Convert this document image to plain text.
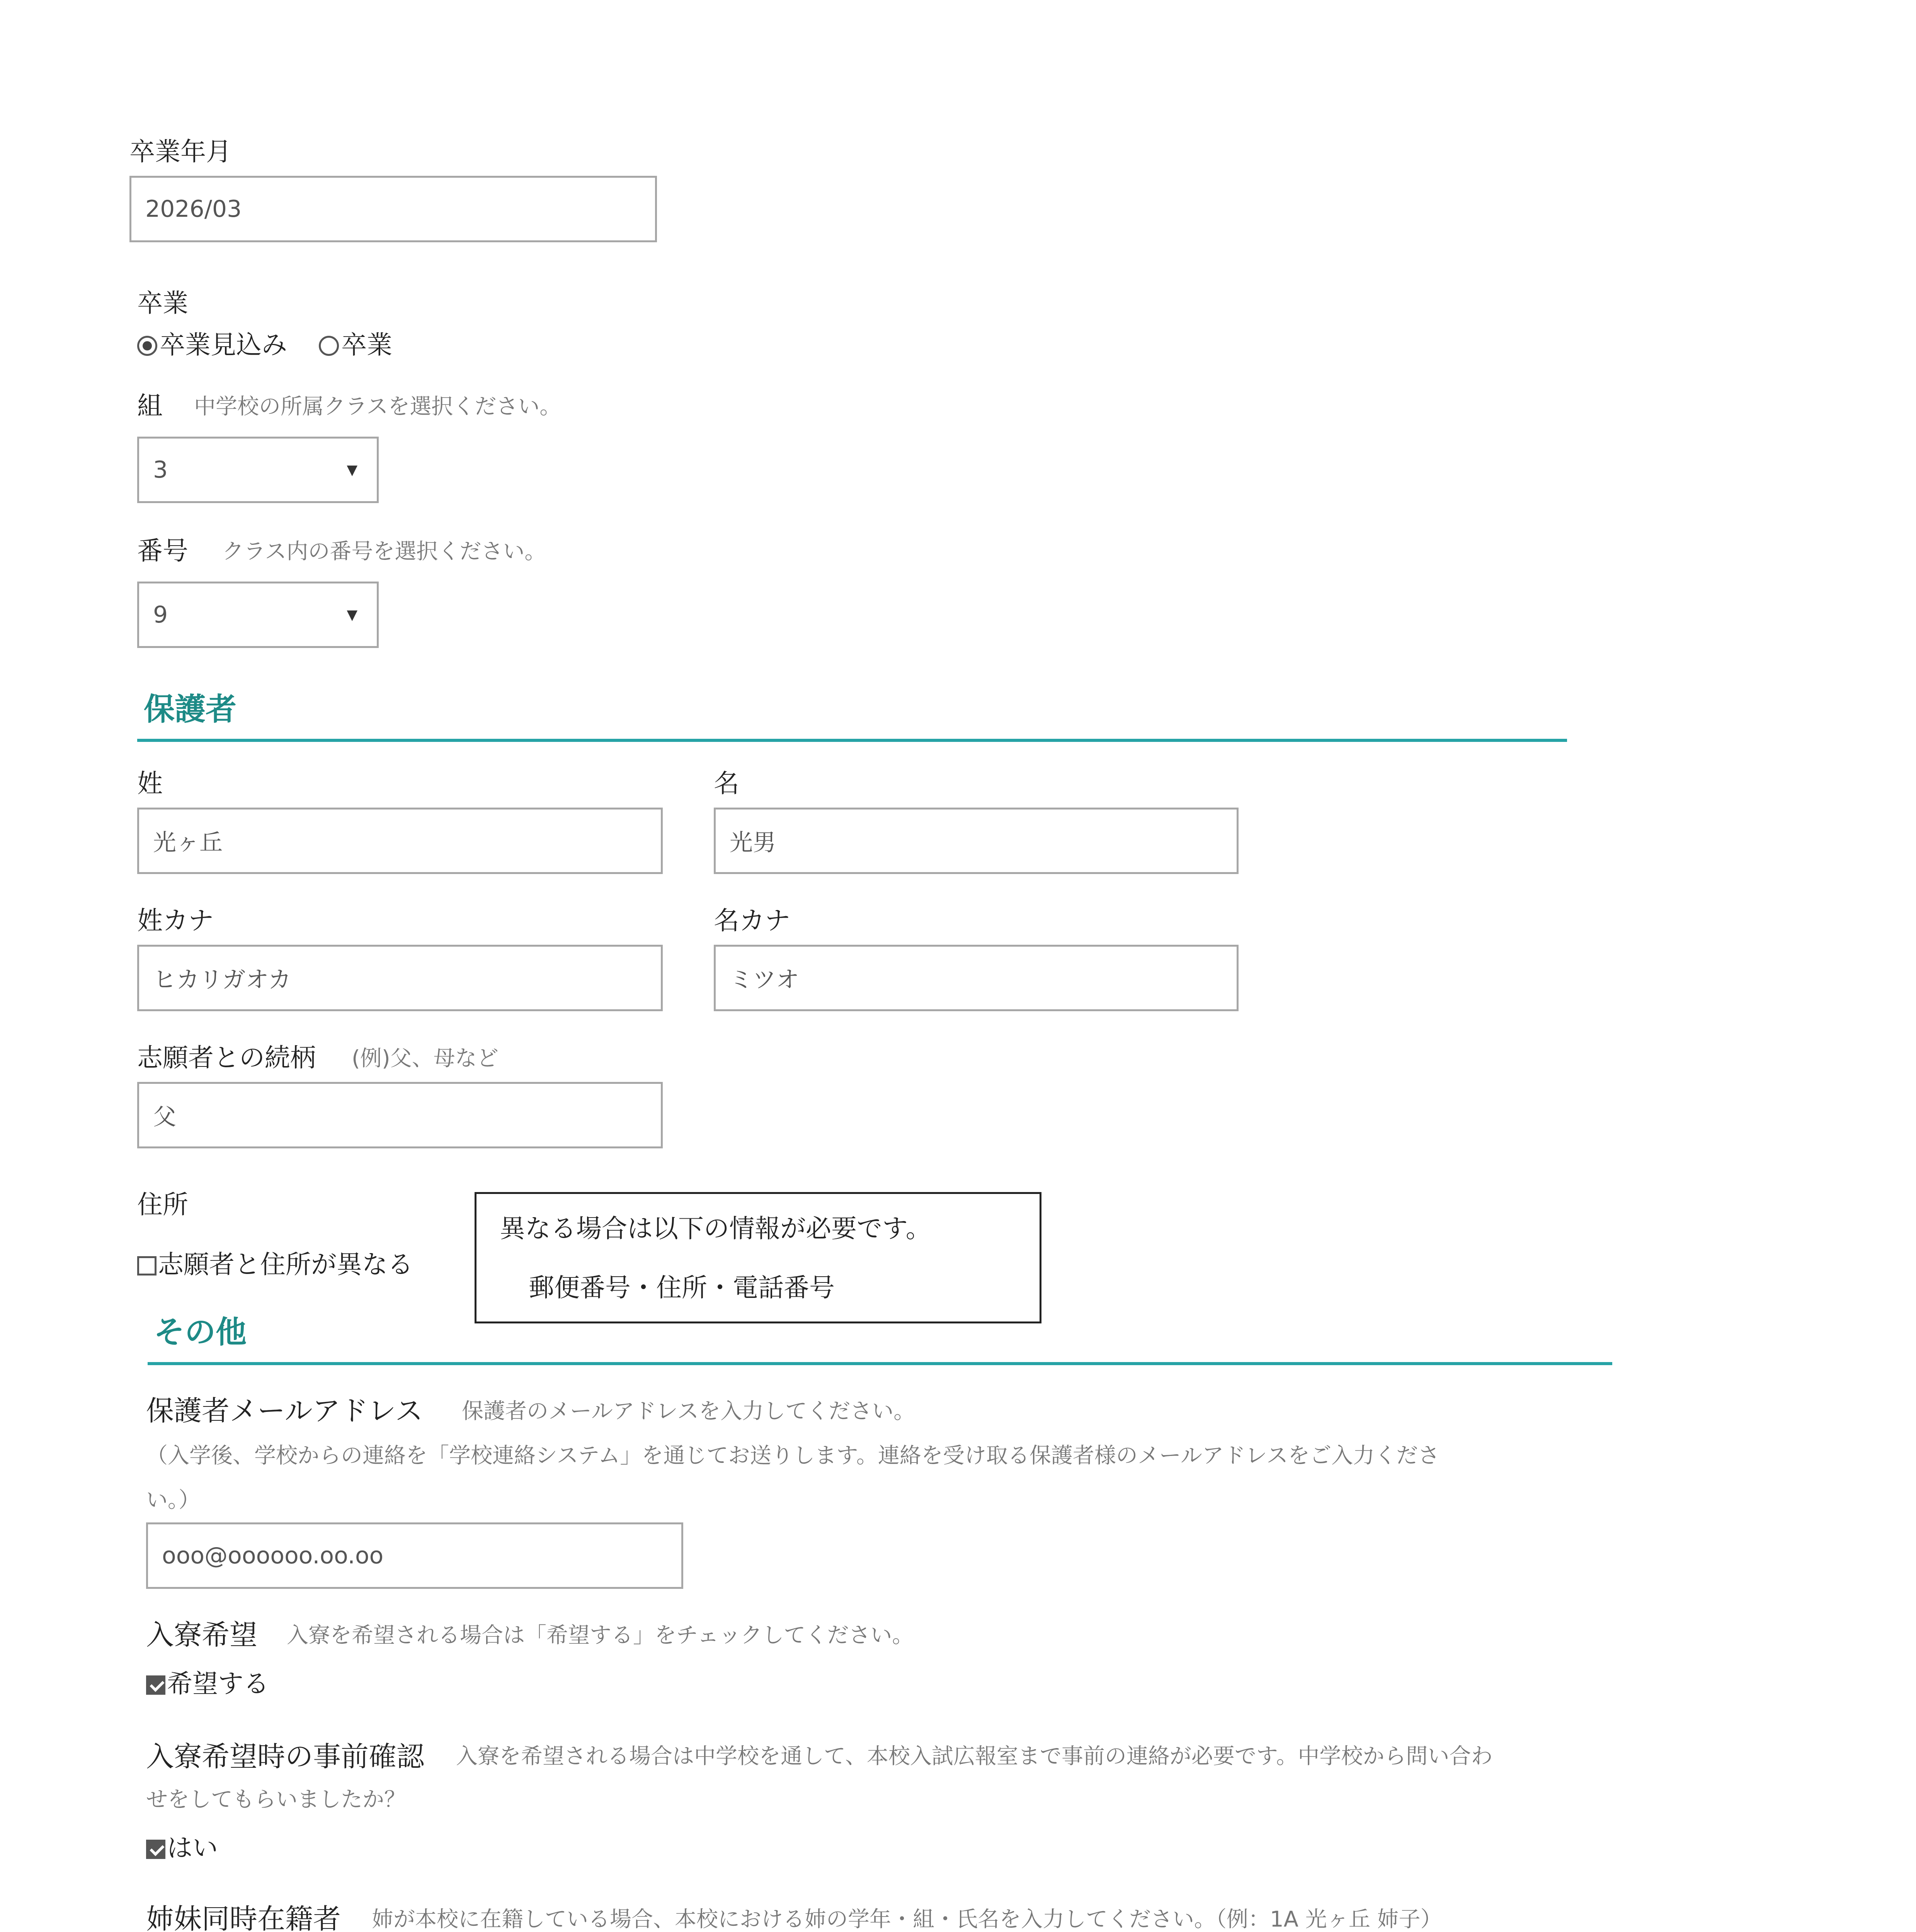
卒業年月
2026/03
卒業
卒業見込み 卒業
組 中学校の所属クラスを選択ください。
3	▼
番号 クラス内の番号を選択ください。
9	▼
保護者
姓
光ヶ丘
名
光男
姓カナ
ヒカリガオカ
名カナ
ミツオ
志願者との続柄 (例)父、母など
父
住所
志願者と住所が異なる
異なる場合は以下の情報が必要です。
郵便番号・住所・電話番号
その他
保護者メールアドレス 保護者のメールアドレスを入力してください。
（入学後、学校からの連絡を「学校連絡システム」を通じてお送りします。連絡を受け取る保護者様のメールアドレスをご入力くださ
い。）
ooo@oooooo.oo.oo
入寮希望 入寮を希望される場合は「希望する」をチェックしてください。
希望する
入寮希望時の事前確認 入寮を希望される場合は中学校を通して、本校入試広報室まで事前の連絡が必要です。中学校から問い合わ
せをしてもらいましたか？
はい
姉妹同時在籍者 姉が本校に在籍している場合、本校における姉の学年・組・氏名を入力してください。（例：1A 光ヶ丘 姉子）
